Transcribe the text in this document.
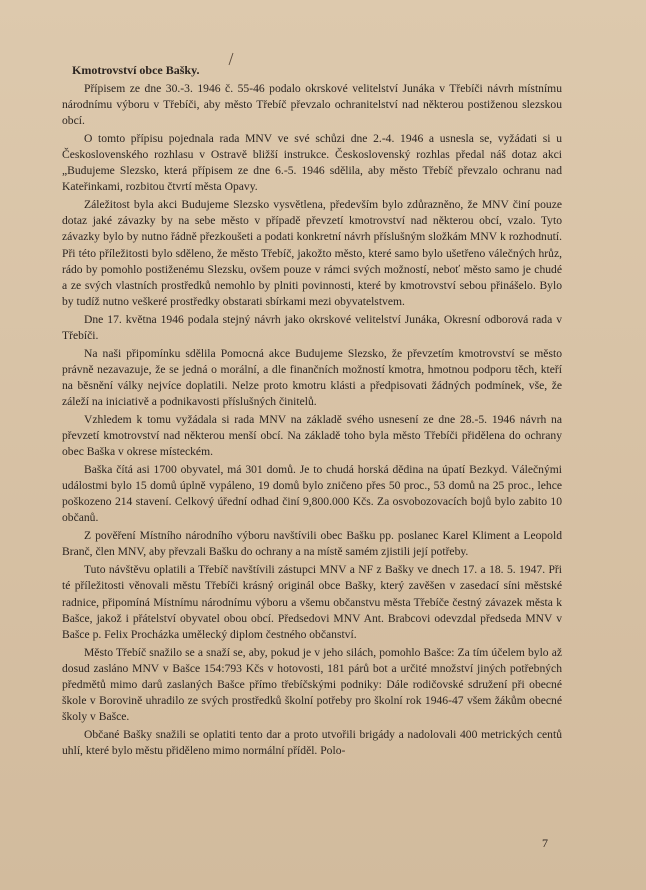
Kmotrovství obce Bašky.

Přípisem ze dne 30.-3. 1946 č. 55-46 podalo okrskové velitelství Junáka v Třebíči návrh místnímu národnímu výboru v Třebíči, aby město Třebíč převzalo ochranitelství nad některou postiženou slezskou obcí.

O tomto přípisu pojednala rada MNV ve své schůzi dne 2.-4. 1946 a usnesla se, vyžádati si u Československého rozhlasu v Ostravě bližší instrukce. Československý rozhlas předal náš dotaz akci „Budujeme Slezsko, která přípisem ze dne 6.-5. 1946 sdělila, aby město Třebíč převzalo ochranu nad Kateřinkami, rozbitou čtvrtí města Opavy.

Záležitost byla akci Budujeme Slezsko vysvětlena, především bylo zdůrazněno, že MNV činí pouze dotaz jaké závazky by na sebe město v případě převzetí kmotrovství nad některou obcí, vzalo. Tyto závazky bylo by nutno řádně přezkoušeti a podati konkretní návrh příslušným složkám MNV k rozhodnutí. Při této příležitosti bylo sděleno, že město Třebíč, jakožto město, které samo bylo ušetřeno válečných hrůz, rádo by pomohlo postiženému Slezsku, ovšem pouze v rámci svých možností, neboť město samo je chudé a ze svých vlastních prostředků nemohlo by plniti povinnosti, které by kmotrovství sebou přinášelo. Bylo by tudíž nutno veškeré prostředky obstarati sbírkami mezi obyvatelstvem.

Dne 17. května 1946 podala stejný návrh jako okrskové velitelství Junáka, Okresní odborová rada v Třebíči.

Na naši připomínku sdělila Pomocná akce Budujeme Slezsko, že převzetím kmotrovství se město právně nezavazuje, že se jedná o morální, a dle finančních možností kmotra, hmotnou podporu těch, kteří na běsnění války nejvíce doplatili. Nelze proto kmotru klásti a předpisovati žádných podmínek, vše, že záleží na iniciativě a podnikavosti příslušných činitelů.

Vzhledem k tomu vyžádala si rada MNV na základě svého usnesení ze dne 28.-5. 1946 návrh na převzetí kmotrovství nad některou menší obcí. Na základě toho byla město Třebíči přidělena do ochrany obec Baška v okrese místeckém.

Baška čítá asi 1700 obyvatel, má 301 domů. Je to chudá horská dědina na úpatí Bezkyd. Válečnými událostmi bylo 15 domů úplně vypáleno, 19 domů bylo zničeno přes 50 proc., 53 domů na 25 proc., lehce poškozeno 214 stavení. Celkový úřední odhad činí 9,800.000 Kčs. Za osvobozovacích bojů bylo zabito 10 občanů.

Z pověření Místního národního výboru navštívili obec Bašku pp. poslanec Karel Kliment a Leopold Branč, člen MNV, aby převzali Bašku do ochrany a na místě samém zjistili její potřeby.

Tuto návštěvu oplatili a Třebíč navštívili zástupci MNV a NF z Bašky ve dnech 17. a 18. 5. 1947. Při té příležitosti věnovali městu Třebíči krásný originál obce Bašky, který zavěšen v zasedací síni městské radnice, připomíná Místnímu národnímu výboru a všemu občanstvu města Třebíče čestný závazek města k Bašce, jakož i přátelství obyvatel obou obcí. Předsedovi MNV Ant. Brabcovi odevzdal předseda MNV v Bašce p. Felix Procházka umělecký diplom čestného občanství.

Město Třebíč snažilo se a snaží se, aby, pokud je v jeho silách, pomohlo Bašce: Za tím účelem bylo až dosud zasláno MNV v Bašce 154:793 Kčs v hotovosti, 181 párů bot a určité množství jiných potřebných předmětů mimo darů zaslaných Bašce přímo třebíčskými podniky: Dále rodičovské sdružení při obecné škole v Borovině uhradilo ze svých prostředků školní potřeby pro školní rok 1946-47 všem žákům obecné školy v Bašce.

Občané Bašky snažili se oplatiti tento dar a proto utvořili brigády a nadolovali 400 metrických centů uhlí, které bylo městu přiděleno mimo normální příděl. Polo-

7
